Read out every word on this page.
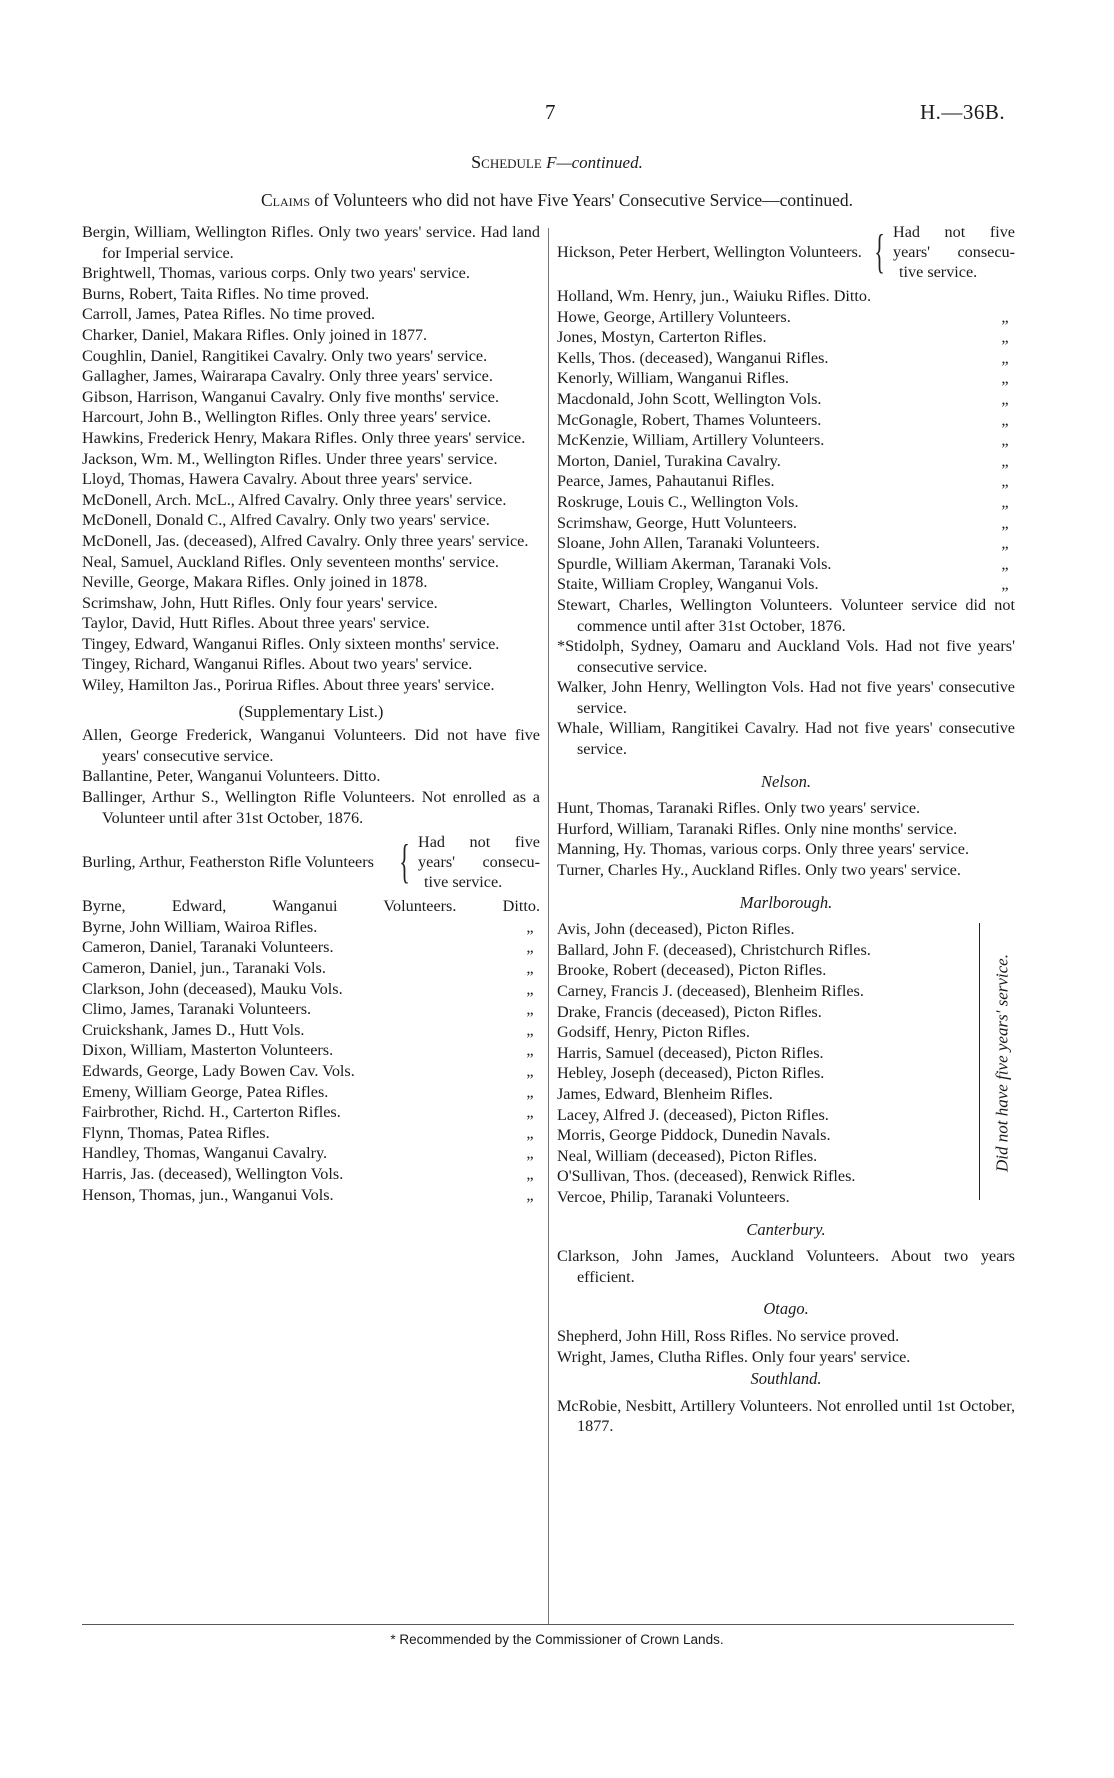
7	H.—36B.
Schedule F—continued.
Claims of Volunteers who did not have Five Years' Consecutive Service—continued.

Bergin, William, Wellington Rifles. Only two years' service. Had land for Imperial service.

Brightwell, Thomas, various corps. Only two years' service.

Burns, Robert, Taita Rifles. No time proved.

Carroll, James, Patea Rifles. No time proved.

Charker, Daniel, Makara Rifles. Only joined in 1877.

Coughlin, Daniel, Rangitikei Cavalry. Only two years' service.

Gallagher, James, Wairarapa Cavalry. Only three years' service.

Gibson, Harrison, Wanganui Cavalry. Only five months' service.

Harcourt, John B., Wellington Rifles. Only three years' service.

Hawkins, Frederick Henry, Makara Rifles. Only three years' service.

Jackson, Wm. M., Wellington Rifles. Under three years' service.

Lloyd, Thomas, Hawera Cavalry. About three years' service.

McDonell, Arch. McL., Alfred Cavalry. Only three years' service.

McDonell, Donald C., Alfred Cavalry. Only two years' service.

McDonell, Jas. (deceased), Alfred Cavalry. Only three years' service.

Neal, Samuel, Auckland Rifles. Only seventeen months' service.

Neville, George, Makara Rifles. Only joined in 1878.

Scrimshaw, John, Hutt Rifles. Only four years' service.

Taylor, David, Hutt Rifles. About three years' service.

Tingey, Edward, Wanganui Rifles. Only sixteen months' service.

Tingey, Richard, Wanganui Rifles. About two years' service.

Wiley, Hamilton Jas., Porirua Rifles. About three years' service.

(Supplementary List.)

Allen, George Frederick, Wanganui Volunteers. Did not have five years' consecutive service.

Ballantine, Peter, Wanganui Volunteers. Ditto.

Ballinger, Arthur S., Wellington Rifle Volunteers. Not enrolled as a Volunteer until after 31st October, 1876.

Burling, Arthur, Featherston Rifle Volunteers { Had not five
years' consecu-
tive service.

Byrne, Edward, Wanganui Volunteers. Ditto.

Byrne, John William, Wairoa Rifles.	„
Cameron, Daniel, Taranaki Volunteers.	„
Cameron, Daniel, jun., Taranaki Vols.	„
Clarkson, John (deceased), Mauku Vols.	„
Climo, James, Taranaki Volunteers.	„
Cruickshank, James D., Hutt Vols.	„
Dixon, William, Masterton Volunteers.	„
Edwards, George, Lady Bowen Cav. Vols.	„
Emeny, William George, Patea Rifles.	„
Fairbrother, Richd. H., Carterton Rifles.	„
Flynn, Thomas, Patea Rifles.	„
Handley, Thomas, Wanganui Cavalry.	„
Harris, Jas. (deceased), Wellington Vols.	„
Henson, Thomas, jun., Wanganui Vols.	„
Hickson, Peter Herbert, Wellington Volunteers. { Had not five
years' consecu-
tive service.

Holland, Wm. Henry, jun., Waiuku Rifles. Ditto.

Howe, George, Artillery Volunteers.	„
Jones, Mostyn, Carterton Rifles.	„
Kells, Thos. (deceased), Wanganui Rifles.	„
Kenorly, William, Wanganui Rifles.	„
Macdonald, John Scott, Wellington Vols.	„
McGonagle, Robert, Thames Volunteers.	„
McKenzie, William, Artillery Volunteers.	„
Morton, Daniel, Turakina Cavalry.	„
Pearce, James, Pahautanui Rifles.	„
Roskruge, Louis C., Wellington Vols.	„
Scrimshaw, George, Hutt Volunteers.	„
Sloane, John Allen, Taranaki Volunteers.	„
Spurdle, William Akerman, Taranaki Vols.	„
Staite, William Cropley, Wanganui Vols.	„

Stewart, Charles, Wellington Volunteers. Volunteer service did not commence until after 31st October, 1876.

*Stidolph, Sydney, Oamaru and Auckland Vols. Had not five years' consecutive service.

Walker, John Henry, Wellington Vols. Had not five years' consecutive service.

Whale, William, Rangitikei Cavalry. Had not five years' consecutive service.

Nelson.

Hunt, Thomas, Taranaki Rifles. Only two years' service.

Hurford, William, Taranaki Rifles. Only nine months' service.

Manning, Hy. Thomas, various corps. Only three years' service.

Turner, Charles Hy., Auckland Rifles. Only two years' service.

Marlborough.

Avis, John (deceased), Picton Rifles.

Ballard, John F. (deceased), Christchurch Rifles.

Brooke, Robert (deceased), Picton Rifles.

Carney, Francis J. (deceased), Blenheim Rifles.

Drake, Francis (deceased), Picton Rifles.

Godsiff, Henry, Picton Rifles.

Harris, Samuel (deceased), Picton Rifles.

Hebley, Joseph (deceased), Picton Rifles.

James, Edward, Blenheim Rifles.

Lacey, Alfred J. (deceased), Picton Rifles.

Morris, George Piddock, Dunedin Navals.

Neal, William (deceased), Picton Rifles.

O'Sullivan, Thos. (deceased), Renwick Rifles.

Vercoe, Philip, Taranaki Volunteers.

Did not have five years' service.
Canterbury.

Clarkson, John James, Auckland Volunteers. About two years efficient.

Otago.

Shepherd, John Hill, Ross Rifles. No service proved.

Wright, James, Clutha Rifles. Only four years' service.

Southland.

McRobie, Nesbitt, Artillery Volunteers. Not enrolled until 1st October, 1877.

* Recommended by the Commissioner of Crown Lands.
